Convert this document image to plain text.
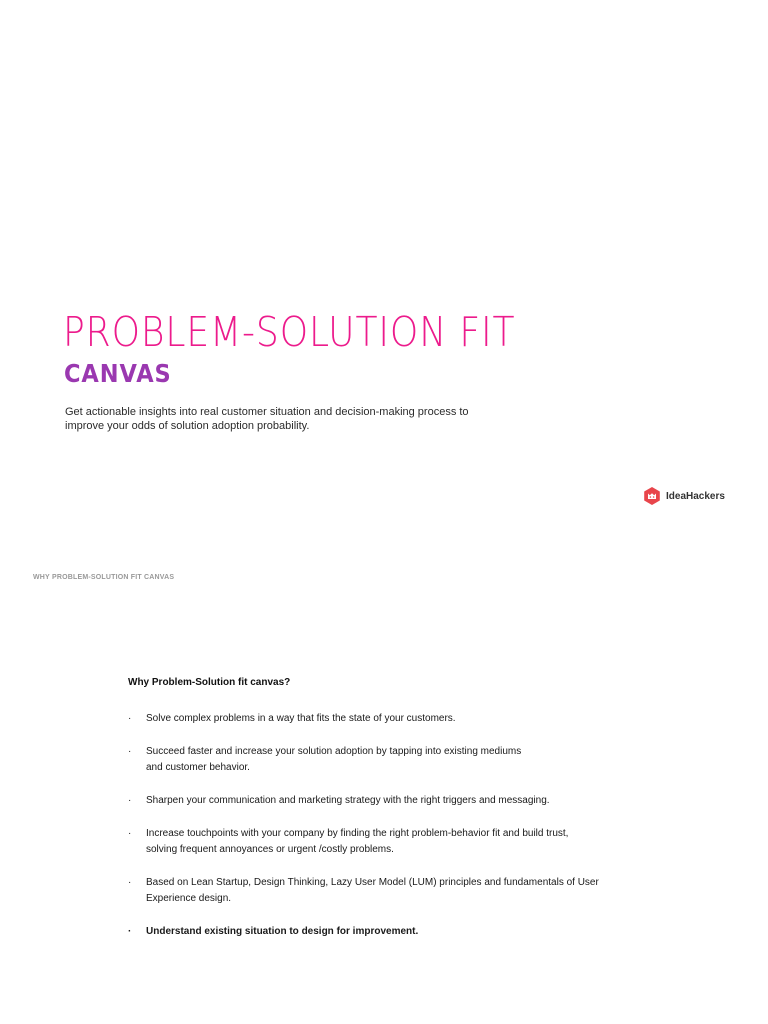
PROBLEM-SOLUTION FIT
CANVAS

Get actionable insights into real customer situation and decision-making process to improve your odds of solution adoption probability.

IdeaHackers
WHY PROBLEM-SOLUTION FIT CANVAS
Why Problem-Solution fit canvas?
· Solve complex problems in a way that fits the state of your customers.
· Succeed faster and increase your solution adoption by tapping into existing mediums
and customer behavior.
· Sharpen your communication and marketing strategy with the right triggers and messaging.
· Increase touchpoints with your company by finding the right problem-behavior fit and build trust,
solving frequent annoyances or urgent /costly problems.
· Based on Lean Startup, Design Thinking, Lazy User Model (LUM) principles and fundamentals of User
Experience design.
· Understand existing situation to design for improvement.
